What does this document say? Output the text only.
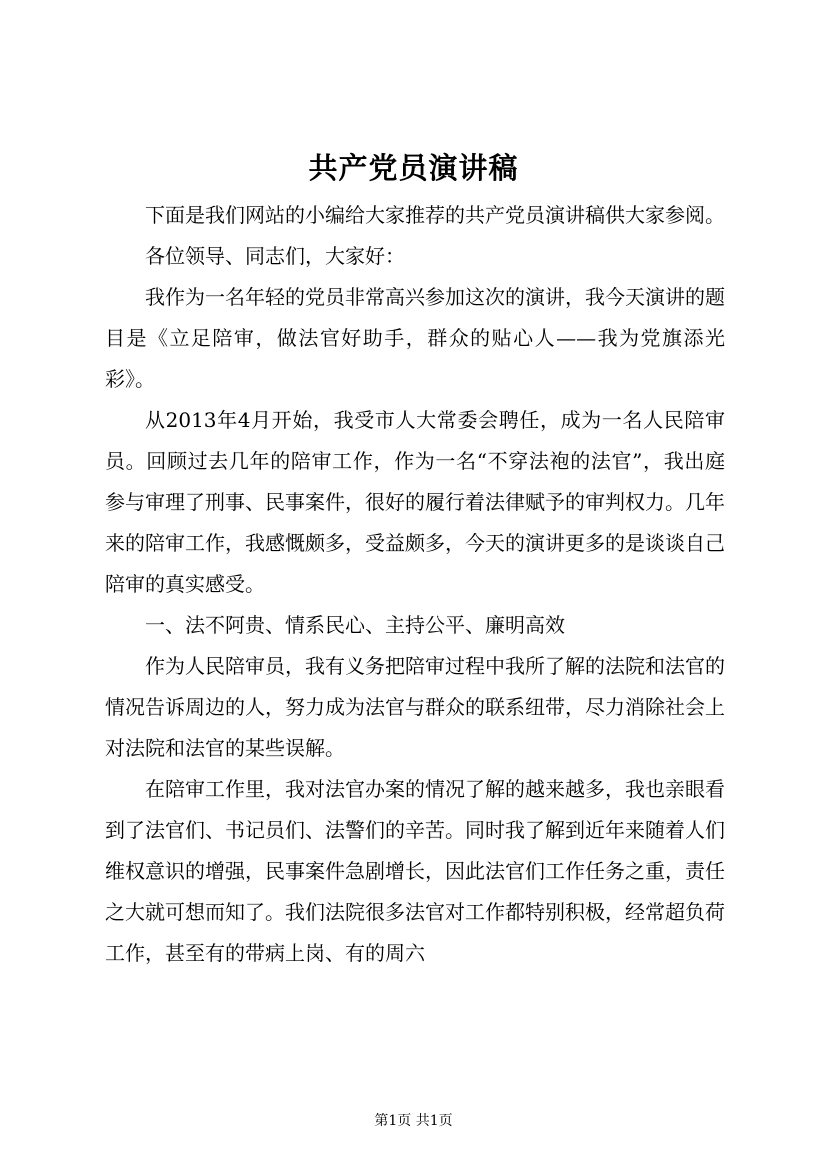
共产党员演讲稿

下面是我们网站的小编给大家推荐的共产党员演讲稿供大家参阅。

各位领导、同志们，大家好：

我作为一名年轻的党员非常高兴参加这次的演讲，我今天演讲的题目是《立足陪审，做法官好助手，群众的贴心人——我为党旗添光彩》。

从2013年4月开始，我受市人大常委会聘任，成为一名人民陪审员。回顾过去几年的陪审工作，作为一名“不穿法袍的法官”，我出庭参与审理了刑事、民事案件，很好的履行着法律赋予的审判权力。几年来的陪审工作，我感慨颇多，受益颇多，今天的演讲更多的是谈谈自己陪审的真实感受。

一、法不阿贵、情系民心、主持公平、廉明高效

作为人民陪审员，我有义务把陪审过程中我所了解的法院和法官的情况告诉周边的人，努力成为法官与群众的联系纽带，尽力消除社会上对法院和法官的某些误解。

在陪审工作里，我对法官办案的情况了解的越来越多，我也亲眼看到了法官们、书记员们、法警们的辛苦。同时我了解到近年来随着人们维权意识的增强，民事案件急剧增长，因此法官们工作任务之重，责任之大就可想而知了。我们法院很多法官对工作都特别积极，经常超负荷工作，甚至有的带病上岗、有的周六

第1页 共1页
